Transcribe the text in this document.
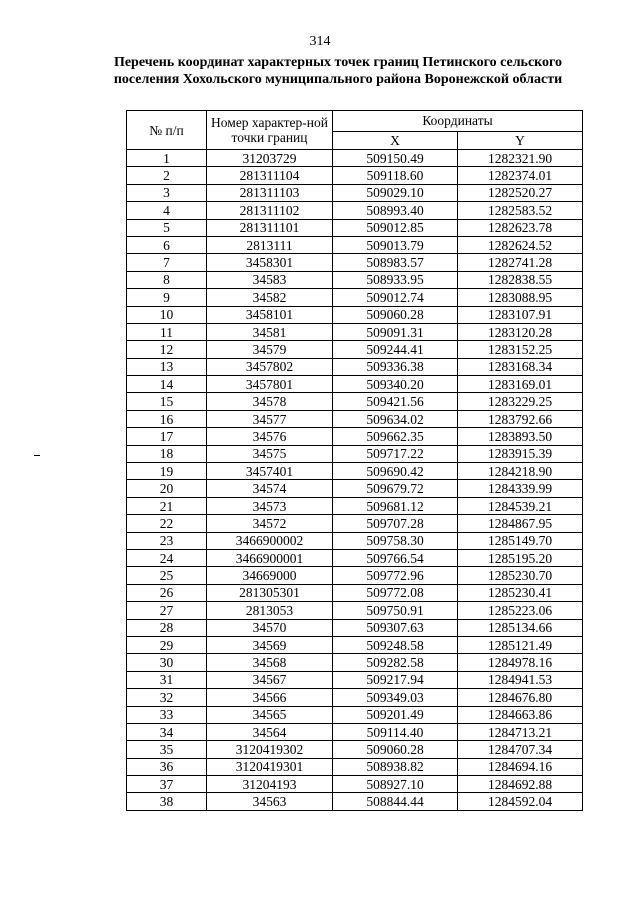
314
Перечень координат характерных точек границ Петинского сельского поселения Хохольского муниципального района Воронежской области
№ п/п	Номер характер-ной точки границ	Координаты	
		X	Y
1	31203729	509150.49	1282321.90
2	281311104	509118.60	1282374.01
3	281311103	509029.10	1282520.27
4	281311102	508993.40	1282583.52
5	281311101	509012.85	1282623.78
6	2813111	509013.79	1282624.52
7	3458301	508983.57	1282741.28
8	34583	508933.95	1282838.55
9	34582	509012.74	1283088.95
10	3458101	509060.28	1283107.91
11	34581	509091.31	1283120.28
12	34579	509244.41	1283152.25
13	3457802	509336.38	1283168.34
14	3457801	509340.20	1283169.01
15	34578	509421.56	1283229.25
16	34577	509634.02	1283792.66
17	34576	509662.35	1283893.50
18	34575	509717.22	1283915.39
19	3457401	509690.42	1284218.90
20	34574	509679.72	1284339.99
21	34573	509681.12	1284539.21
22	34572	509707.28	1284867.95
23	3466900002	509758.30	1285149.70
24	3466900001	509766.54	1285195.20
25	34669000	509772.96	1285230.70
26	281305301	509772.08	1285230.41
27	2813053	509750.91	1285223.06
28	34570	509307.63	1285134.66
29	34569	509248.58	1285121.49
30	34568	509282.58	1284978.16
31	34567	509217.94	1284941.53
32	34566	509349.03	1284676.80
33	34565	509201.49	1284663.86
34	34564	509114.40	1284713.21
35	3120419302	509060.28	1284707.34
36	3120419301	508938.82	1284694.16
37	31204193	508927.10	1284692.88
38	34563	508844.44	1284592.04
